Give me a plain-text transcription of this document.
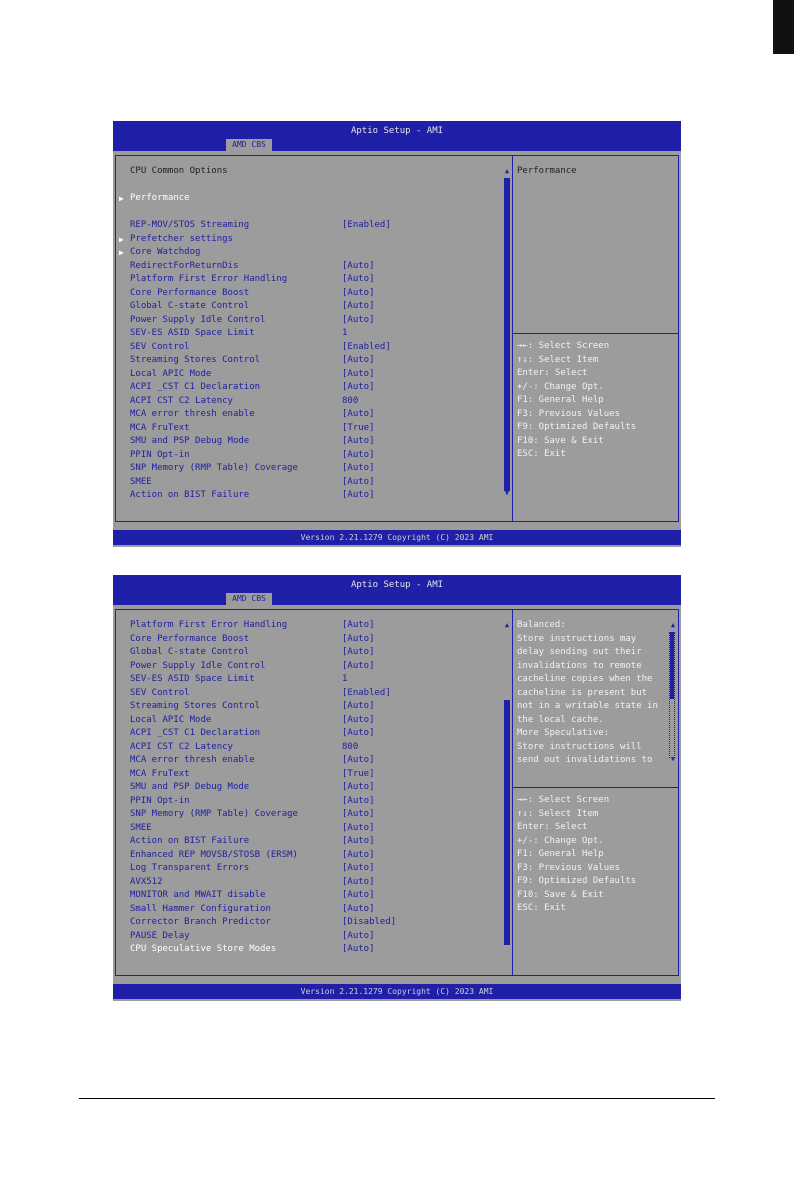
Aptio Setup - AMI
AMD CBS
CPU Common Options
▶ Performance
REP-MOV/STOS Streaming	[Enabled]
▶ Prefetcher settings
▶ Core Watchdog
RedirectForReturnDis	[Auto]
Platform First Error Handling	[Auto]
Core Performance Boost	[Auto]
Global C-state Control	[Auto]
Power Supply Idle Control	[Auto]
SEV-ES ASID Space Limit	1
SEV Control	[Enabled]
Streaming Stores Control	[Auto]
Local APIC Mode	[Auto]
ACPI _CST C1 Declaration	[Auto]
ACPI CST C2 Latency	800
MCA error thresh enable	[Auto]
MCA FruText	[True]
SMU and PSP Debug Mode	[Auto]
PPIN Opt-in	[Auto]
SNP Memory (RMP Table) Coverage	[Auto]
SMEE	[Auto]
Action on BIST Failure	[Auto]
▲
▼
Performance
→←: Select Screen
↑↓: Select Item
Enter: Select
+/-: Change Opt.
F1: General Help
F3: Previous Values
F9: Optimized Defaults
F10: Save & Exit
ESC: Exit
Version 2.21.1279 Copyright (C) 2023 AMI
Aptio Setup - AMI
AMD CBS
Platform First Error Handling	[Auto]
Core Performance Boost	[Auto]
Global C-state Control	[Auto]
Power Supply Idle Control	[Auto]
SEV-ES ASID Space Limit	1
SEV Control	[Enabled]
Streaming Stores Control	[Auto]
Local APIC Mode	[Auto]
ACPI _CST C1 Declaration	[Auto]
ACPI CST C2 Latency	800
MCA error thresh enable	[Auto]
MCA FruText	[True]
SMU and PSP Debug Mode	[Auto]
PPIN Opt-in	[Auto]
SNP Memory (RMP Table) Coverage	[Auto]
SMEE	[Auto]
Action on BIST Failure	[Auto]
Enhanced REP MOVSB/STOSB (ERSM)	[Auto]
Log Transparent Errors	[Auto]
AVX512	[Auto]
MONITOR and MWAIT disable	[Auto]
Small Hammer Configuration	[Auto]
Corrector Branch Predictor	[Disabled]
PAUSE Delay	[Auto]
CPU Speculative Store Modes	[Auto]
▲	▲
▼
Balanced:
Store instructions may
delay sending out their
invalidations to remote
cacheline copies when the
cacheline is present but
not in a writable state in
the local cache.
More Speculative:
Store instructions will
send out invalidations to
→←: Select Screen
↑↓: Select Item
Enter: Select
+/-: Change Opt.
F1: General Help
F3: Previous Values
F9: Optimized Defaults
F10: Save & Exit
ESC: Exit
Version 2.21.1279 Copyright (C) 2023 AMI
